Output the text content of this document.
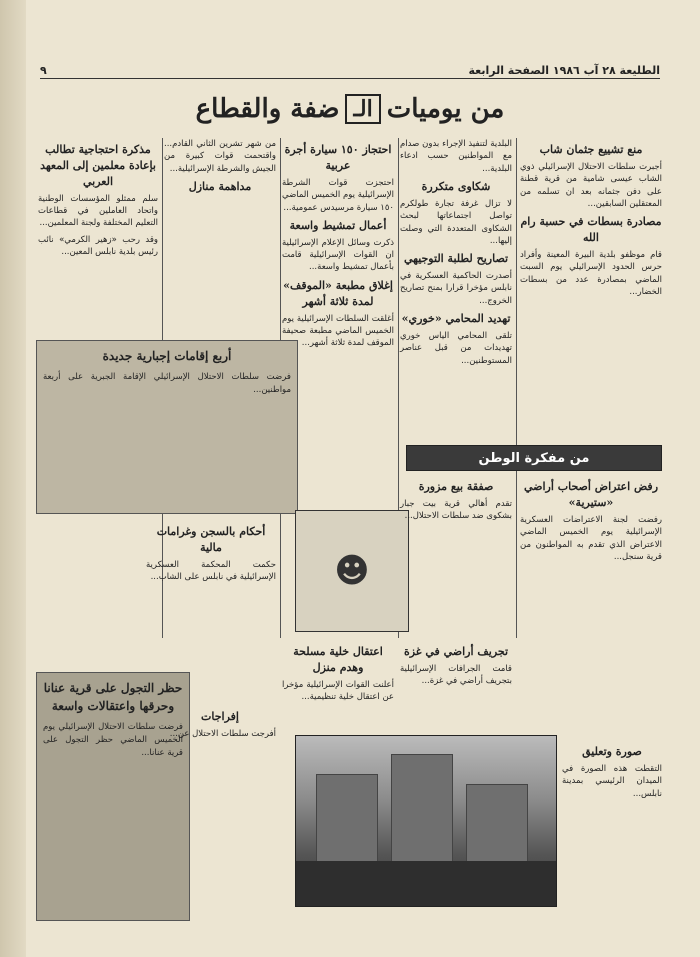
الطليعة ٢٨ آب ١٩٨٦ الصفحة الرابعة
٩
من يوميات
الـ
ضفة والقطاع
منع تشييع جثمان شاب

أجبرت سلطات الاحتلال الإسرائيلي ذوي الشاب عيسى شامية من قرية قطنة على دفن جثمانه بعد ان تسلمه من المعتقلين السابقين...

مصادرة بسطات في حسبة رام الله

قام موظفو بلدية البيرة المعينة وأفراد حرس الحدود الإسرائيلي يوم السبت الماضي بمصادرة عدد من بسطات الخضار...

البلدية لتنفيذ الإجراء بدون صدام مع المواطنين حسب ادعاء البلدية...

شكاوى متكررة

لا تزال غرفة تجارة طولكرم تواصل اجتماعاتها لبحث الشكاوى المتعددة التي وصلت إليها...

تصاريح لطلبة التوجيهي

أصدرت الحاكمية العسكرية في نابلس مؤخرا قرارا بمنح تصاريح الخروج...

تهديد المحامي «خوري»

تلقى المحامي الياس خوري تهديدات من قبل عناصر المستوطنين...

احتجاز ١٥٠ سيارة أجرة عربية

احتجزت قوات الشرطة الإسرائيلية يوم الخميس الماضي ١٥٠ سيارة مرسيدس عمومية...

أعمال تمشيط واسعة

ذكرت وسائل الإعلام الإسرائيلية ان القوات الإسرائيلية قامت بأعمال تمشيط واسعة...

إغلاق مطبعة «الموقف» لمدة ثلاثة أشهر

أغلقت السلطات الإسرائيلية يوم الخميس الماضي مطبعة صحيفة الموقف لمدة ثلاثة أشهر...

من شهر تشرين الثاني القادم... واقتحمت قوات كبيرة من الجيش والشرطة الإسرائيلية...

مداهمة منازل
مذكرة احتجاجية تطالب بإعادة معلمين إلى المعهد العربي

سلم ممثلو المؤسسات الوطنية واتحاد العاملين في قطاعات التعليم المختلفة ولجنة المعلمين...

وقد رحب «زهير الكرمي» نائب رئيس بلدية نابلس المعين...

أربع إقامات إجبارية جديدة

فرضت سلطات الاحتلال الإسرائيلي الإقامة الجبرية على أربعة مواطنين...

أحكام بالسجن وغرامات مالية

حكمت المحكمة العسكرية الإسرائيلية في نابلس على الشاب... ☻
اعتقال خلية مسلحة وهدم منزل

أعلنت القوات الإسرائيلية مؤخرا عن اعتقال خلية تنظيمية...

حظر التجول على قرية عنانا وحرقها واعتقالات واسعة

فرضت سلطات الاحتلال الإسرائيلي يوم الخميس الماضي حظر التجول على قرية عنانا...

إفراجات

أفرجت سلطات الاحتلال عن...

من مفكرة الوطن
صفقة بيع مزورة

تقدم أهالي قرية بيت جبار بشكوى ضد سلطات الاحتلال...

رفض اعتراض أصحاب أراضي «ستيرية»

رفضت لجنة الاعتراضات العسكرية الإسرائيلية يوم الخميس الماضي الاعتراض الذي تقدم به المواطنون من قرية سنجل...

تجريف أراضي في غزة

قامت الجرافات الإسرائيلية بتجريف أراضي في غزة...

صورة وتعليق

التقطت هذه الصورة في الميدان الرئيسي بمدينة نابلس...
